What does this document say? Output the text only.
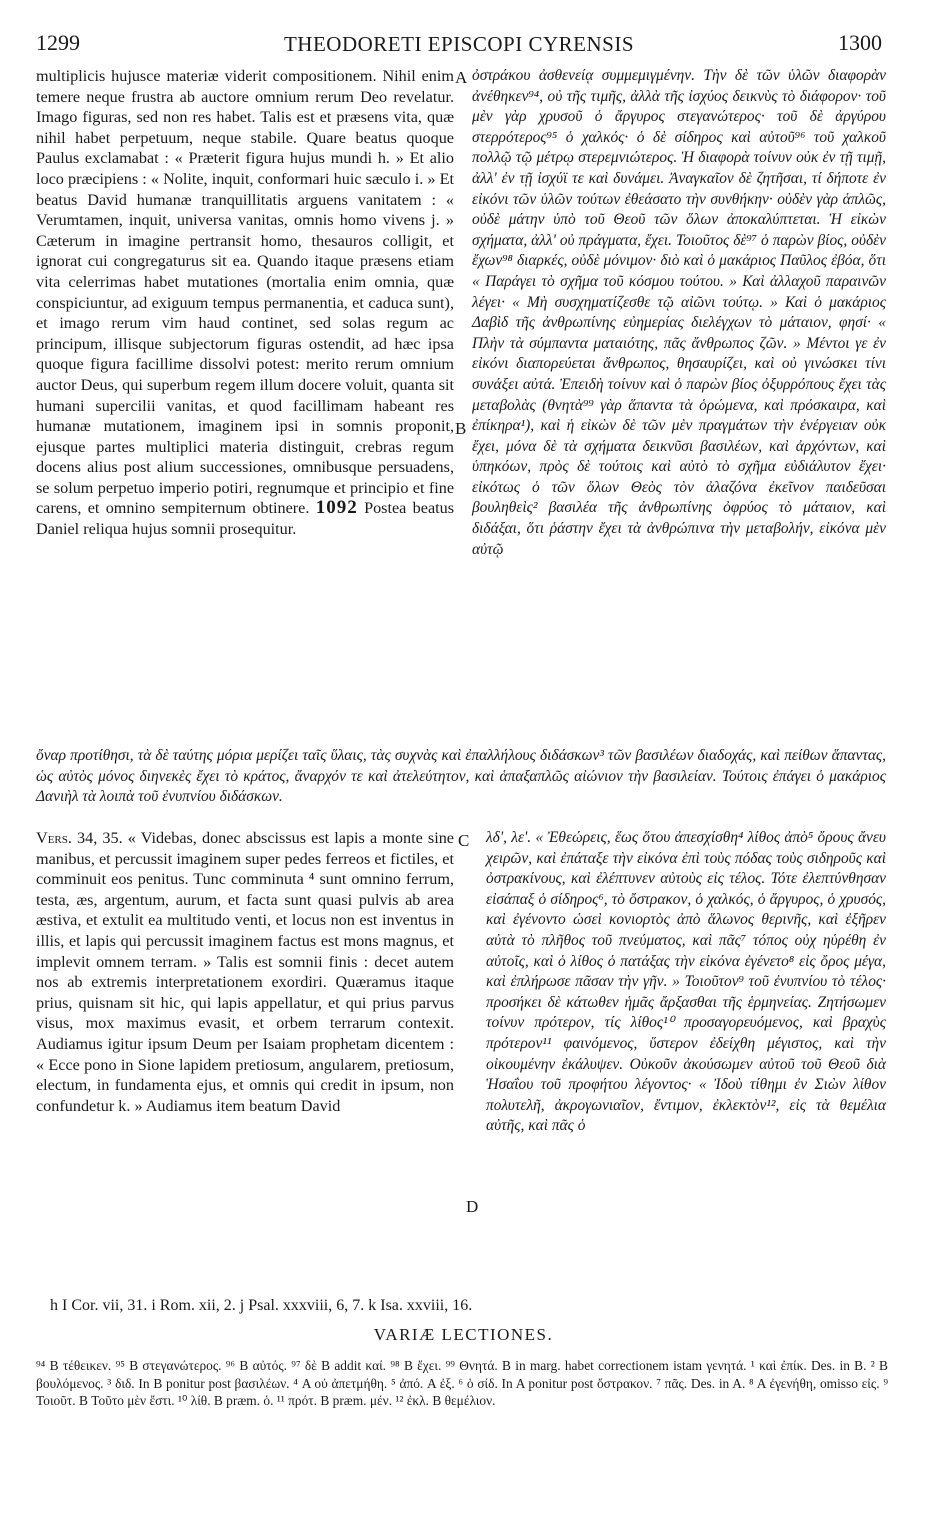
1299	THEODORETI EPISCOPI CYRENSIS	1300
A
B
C
D

multiplicis hujusce materiæ viderit compositionem. Nihil enim temere neque frustra ab auctore omnium rerum Deo revelatur. Imago figuras, sed non res habet. Talis est et præsens vita, quæ nihil habet perpetuum, neque stabile. Quare beatus quoque Paulus exclamabat : « Præterit figura hujus mundi h. » Et alio loco præcipiens : « Nolite, inquit, conformari huic sæculo i. » Et beatus David humanæ tranquillitatis arguens vanitatem : « Verumtamen, inquit, universa vanitas, omnis homo vivens j. » Cæterum in imagine pertransit homo, thesauros colligit, et ignorat cui congregaturus sit ea. Quando itaque præsens etiam vita celerrimas habet mutationes (mortalia enim omnia, quæ conspiciuntur, ad exiguum tempus permanentia, et caduca sunt), et imago rerum vim haud continet, sed solas regum ac principum, illisque subjectorum figuras ostendit, ad hæc ipsa quoque figura facillime dissolvi potest: merito rerum omnium auctor Deus, qui superbum regem illum docere voluit, quanta sit humani supercilii vanitas, et quod facillimam habeant res humanæ mutationem, imaginem ipsi in somnis proponit, ejusque partes multiplici materia distinguit, crebras regum docens alius post alium successiones, omnibusque persuadens, se solum perpetuo imperio potiri, regnumque et principio et fine carens, et omnino sempiternum obtinere. 1092 Postea beatus Daniel reliqua hujus somnii prosequitur.

ὀστράκου ἀσθενείᾳ συμμεμιγμένην. Τὴν δὲ τῶν ὑλῶν διαφορὰν ἀνέθηκεν⁹⁴, οὐ τῆς τιμῆς, ἀλλὰ τῆς ἰσχύος δεικνὺς τὸ διάφορον· τοῦ μὲν γὰρ χρυσοῦ ὁ ἄργυρος στεγανώτερος· τοῦ δὲ ἀργύρου στερρότερος⁹⁵ ὁ χαλκός· ὁ δὲ σίδηρος καὶ αὐτοῦ⁹⁶ τοῦ χαλκοῦ πολλῷ τῷ μέτρῳ στερεμνιώτερος. Ἡ διαφορὰ τοίνυν οὐκ ἐν τῇ τιμῇ, ἀλλ' ἐν τῇ ἰσχύϊ τε καὶ δυνάμει. Ἀναγκαῖον δὲ ζητῆσαι, τί δήποτε ἐν εἰκόνι τῶν ὑλῶν τούτων ἐθεάσατο τὴν συνθήκην· οὐδὲν γὰρ ἁπλῶς, οὐδὲ μάτην ὑπὸ τοῦ Θεοῦ τῶν ὅλων ἀποκαλύπτεται. Ἡ εἰκὼν σχήματα, ἀλλ' οὐ πράγματα, ἔχει. Τοιοῦτος δὲ⁹⁷ ὁ παρὼν βίος, οὐδὲν ἔχων⁹⁸ διαρκές, οὐδὲ μόνιμον· διὸ καὶ ὁ μακάριος Παῦλος ἐβόα, ὅτι « Παράγει τὸ σχῆμα τοῦ κόσμου τούτου. » Καὶ ἀλλαχοῦ παραινῶν λέγει· « Μὴ συσχηματίζεσθε τῷ αἰῶνι τούτῳ. » Καὶ ὁ μακάριος Δαβὶδ τῆς ἀνθρωπίνης εὐημερίας διελέγχων τὸ μάταιον, φησί· « Πλὴν τὰ σύμπαντα ματαιότης, πᾶς ἄνθρωπος ζῶν. » Μέντοι γε ἐν εἰκόνι διαπορεύεται ἄνθρωπος, θησαυρίζει, καὶ οὐ γινώσκει τίνι συνάξει αὐτά. Ἐπειδὴ τοίνυν καὶ ὁ παρὼν βίος ὀξυρρόπους ἔχει τὰς μεταβολὰς (θνητὰ⁹⁹ γὰρ ἅπαντα τὰ ὁρώμενα, καὶ πρόσκαιρα, καὶ ἐπίκηρα¹), καὶ ἡ εἰκὼν δὲ τῶν μὲν πραγμάτων τὴν ἐνέργειαν οὐκ ἔχει, μόνα δὲ τὰ σχήματα δεικνῦσι βασιλέων, καὶ ἀρχόντων, καὶ ὑπηκόων, πρὸς δὲ τούτοις καὶ αὐτὸ τὸ σχῆμα εὐδιάλυτον ἔχει· εἰκότως ὁ τῶν ὅλων Θεὸς τὸν ἀλαζόνα ἐκεῖνον παιδεῦσαι βουληθεὶς² βασιλέα τῆς ἀνθρωπίνης ὀφρύος τὸ μάταιον, καὶ διδάξαι, ὅτι ῥάστην ἔχει τὰ ἀνθρώπινα τὴν μεταβολήν, εἰκόνα μὲν αὐτῷ

ὄναρ προτίθησι, τὰ δὲ ταύτης μόρια μερίζει ταῖς ὕλαις, τὰς συχνὰς καὶ ἐπαλλήλους διδάσκων³ τῶν βασιλέων διαδοχάς, καὶ πείθων ἅπαντας, ὡς αὐτὸς μόνος διηνεκὲς ἔχει τὸ κράτος, ἄναρχόν τε καὶ ἀτελεύτητον, καὶ ἁπαξαπλῶς αἰώνιον τὴν βασιλείαν. Τούτοις ἐπάγει ὁ μακάριος Δανιὴλ τὰ λοιπὰ τοῦ ἐνυπνίου διδάσκων.

Vers. 34, 35. « Videbas, donec abscissus est lapis a monte sine manibus, et percussit imaginem super pedes ferreos et fictiles, et comminuit eos penitus. Tunc comminuta ⁴ sunt omnino ferrum, testa, æs, argentum, aurum, et facta sunt quasi pulvis ab area æstiva, et extulit ea multitudo venti, et locus non est inventus in illis, et lapis qui percussit imaginem factus est mons magnus, et implevit omnem terram. » Talis est somnii finis : decet autem nos ab extremis interpretationem exordiri. Quæramus itaque prius, quisnam sit hic, qui lapis appellatur, et qui prius parvus visus, mox maximus evasit, et orbem terrarum contexit. Audiamus igitur ipsum Deum per Isaiam prophetam dicentem : « Ecce pono in Sione lapidem pretiosum, angularem, pretiosum, electum, in fundamenta ejus, et omnis qui credit in ipsum, non confundetur k. » Audiamus item beatum David

λδ', λε'. « Ἐθεώρεις, ἕως ὅτου ἀπεσχίσθη⁴ λίθος ἀπὸ⁵ ὄρους ἄνευ χειρῶν, καὶ ἐπάταξε τὴν εἰκόνα ἐπὶ τοὺς πόδας τοὺς σιδηροῦς καὶ ὀστρακίνους, καὶ ἐλέπτυνεν αὐτοὺς εἰς τέλος. Τότε ἐλεπτύνθησαν εἰσάπαξ ὁ σίδηρος⁶, τὸ ὄστρακον, ὁ χαλκός, ὁ ἄργυρος, ὁ χρυσός, καὶ ἐγένοντο ὡσεὶ κονιορτὸς ἀπὸ ἅλωνος θερινῆς, καὶ ἐξῆρεν αὐτὰ τὸ πλῆθος τοῦ πνεύματος, καὶ πᾶς⁷ τόπος οὐχ ηὑρέθη ἐν αὐτοῖς, καὶ ὁ λίθος ὁ πατάξας τὴν εἰκόνα ἐγένετο⁸ εἰς ὄρος μέγα, καὶ ἐπλήρωσε πᾶσαν τὴν γῆν. » Τοιοῦτον⁹ τοῦ ἐνυπνίου τὸ τέλος· προσήκει δὲ κάτωθεν ἡμᾶς ἄρξασθαι τῆς ἑρμηνείας. Ζητήσωμεν τοίνυν πρότερον, τίς λίθος¹⁰ προσαγορευόμενος, καὶ βραχὺς πρότερον¹¹ φαινόμενος, ὕστερον ἐδείχθη μέγιστος, καὶ τὴν οἰκουμένην ἐκάλυψεν. Οὐκοῦν ἀκούσωμεν αὐτοῦ τοῦ Θεοῦ διὰ Ἡσαΐου τοῦ προφήτου λέγοντος· « Ἰδοὺ τίθημι ἐν Σιὼν λίθον πολυτελῆ, ἀκρογωνιαῖον, ἔντιμον, ἐκλεκτὸν¹², εἰς τὰ θεμέλια αὐτῆς, καὶ πᾶς ὁ

h I Cor. vii, 31. i Rom. xii, 2. j Psal. xxxviii, 6, 7. k Isa. xxviii, 16.
VARIÆ LECTIONES.

⁹⁴ B τέθεικεν. ⁹⁵ B στεγανώτερος. ⁹⁶ B αὐτός. ⁹⁷ δὲ B addit καί. ⁹⁸ B ἔχει. ⁹⁹ Θνητά. B in marg. habet correctionem istam γενητά. ¹ καὶ ἐπίκ. Des. in B. ² B βουλόμενος. ³ διδ. In B ponitur post βασιλέων. ⁴ A οὐ ἀπετμήθη. ⁵ ἀπό. A ἐξ. ⁶ ὁ σίδ. In A ponitur post ὄστρακον. ⁷ πᾶς. Des. in A. ⁸ A ἐγενήθη, omisso εἰς. ⁹ Τοιοῦτ. B Τοῦτο μὲν ἔστι. ¹⁰ λίθ. B præm. ὁ. ¹¹ πρότ. B præm. μέν. ¹² ἐκλ. B θεμέλιον.
